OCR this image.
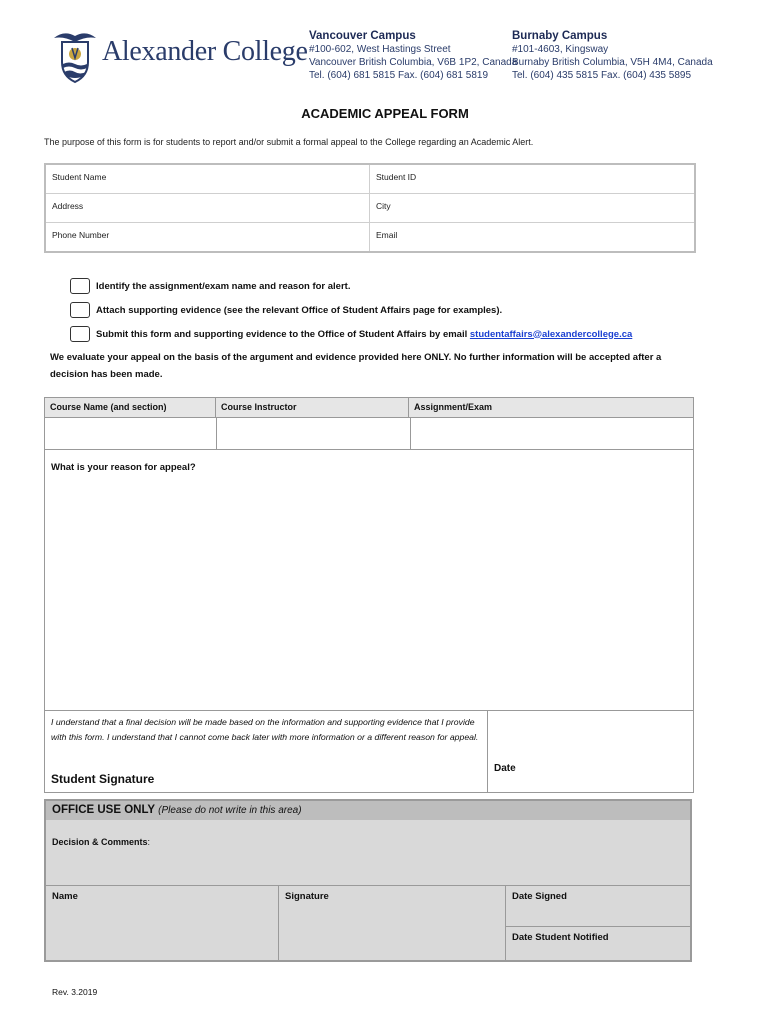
Alexander College Vancouver Campus
#100-602, West Hastings Street
Vancouver British Columbia, V6B 1P2, Canada
Tel. (604) 681 5815 Fax. (604) 681 5819
Burnaby Campus
#101-4603, Kingsway
Burnaby British Columbia, V5H 4M4, Canada
Tel. (604) 435 5815 Fax. (604) 435 5895
ACADEMIC APPEAL FORM
The purpose of this form is for students to report and/or submit a formal appeal to the College regarding an Academic Alert.
Student Name	Student ID
Address	City
Phone Number	Email
Identify the assignment/exam name and reason for alert.
Attach supporting evidence (see the relevant Office of Student Affairs page for examples).
Submit this form and supporting evidence to the Office of Student Affairs by email studentaffairs@alexandercollege.ca
We evaluate your appeal on the basis of the argument and evidence provided here ONLY. No further information will be accepted after a decision has been made.
Course Name (and section)	Course Instructor	Assignment/Exam
What is your reason for appeal?
I understand that a final decision will be made based on the information and supporting evidence that I provide with this form. I understand that I cannot come back later with more information or a different reason for appeal.
Student Signature
Date
OFFICE USE ONLY (Please do not write in this area)
Decision & Comments:
Name	Signature	Date Signed
Date Student Notified
Rev. 3.2019
